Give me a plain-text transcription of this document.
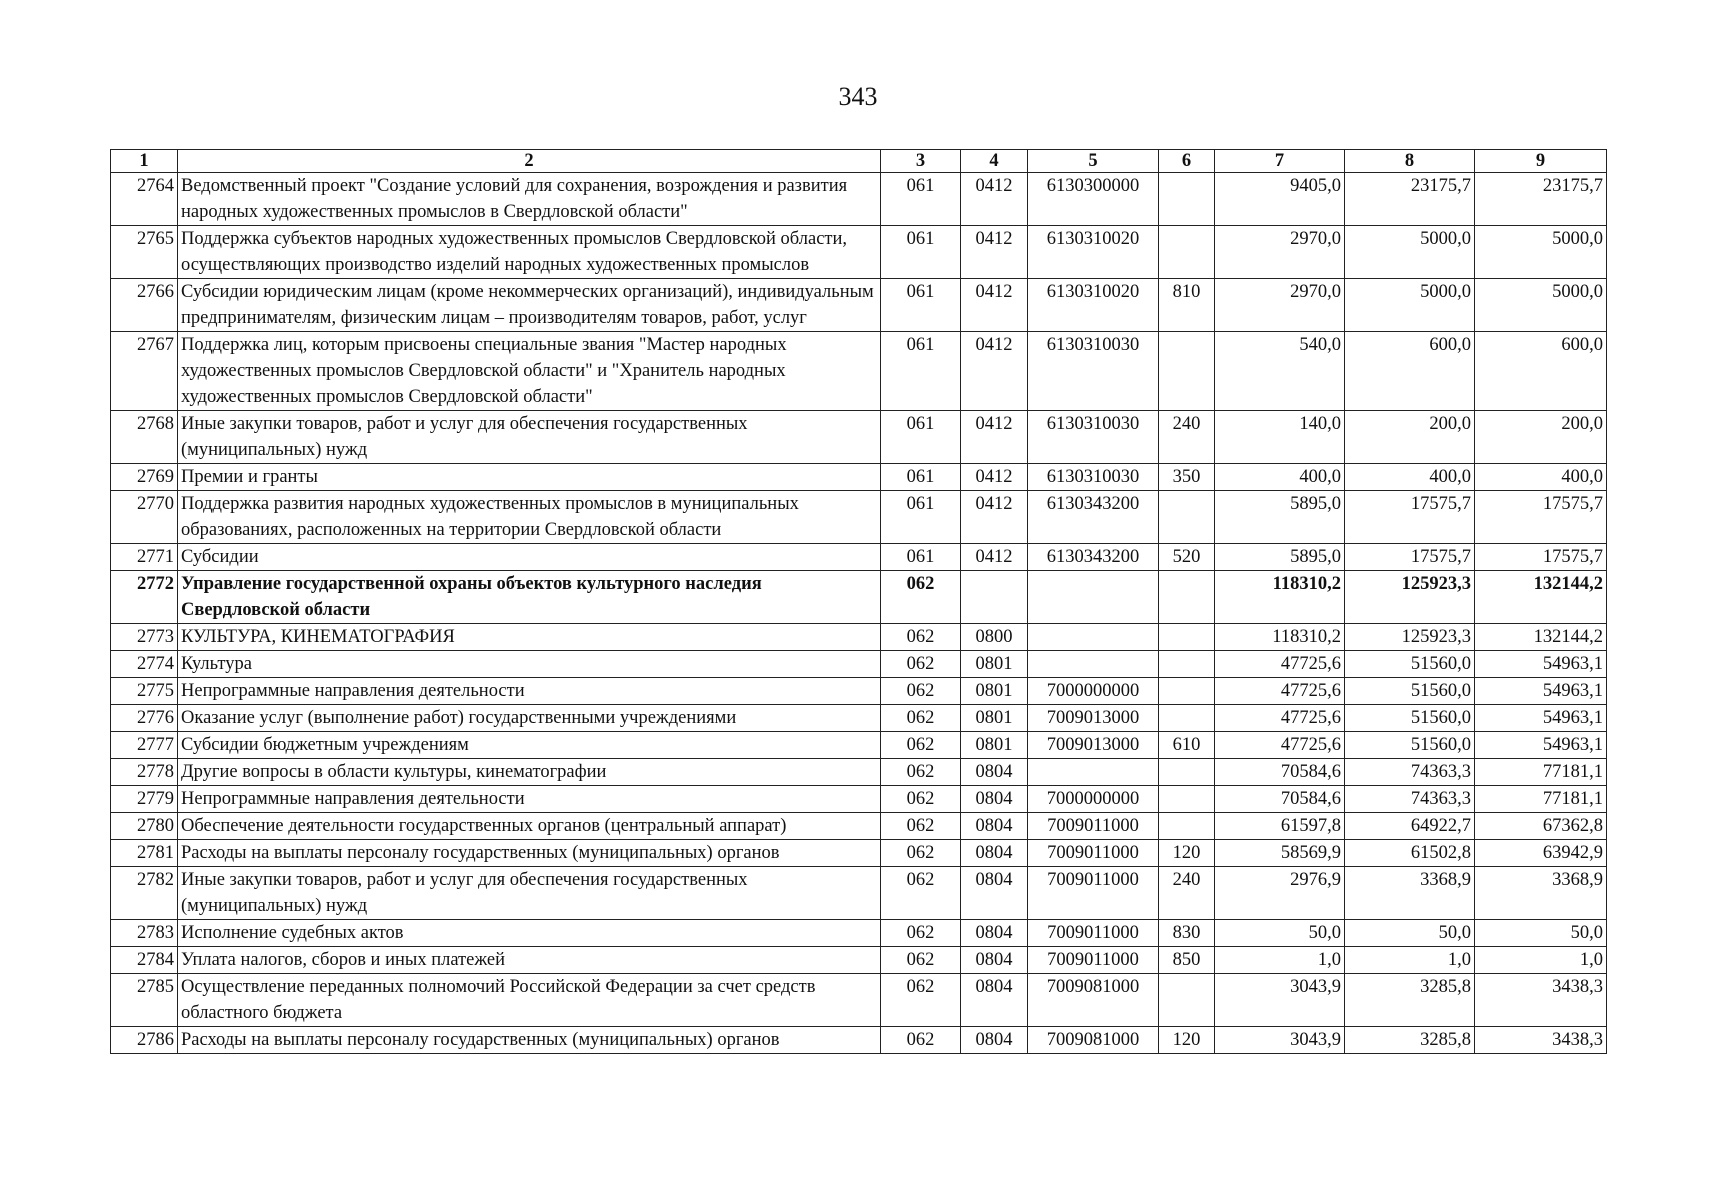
343
1	2	3	4	5	6	7	8	9
2764	Ведомственный проект "Создание условий для сохранения, возрождения и развития народных художественных промыслов в Свердловской области"	061	0412	6130300000		9405,0	23175,7	23175,7
2765	Поддержка субъектов народных художественных промыслов Свердловской области, осуществляющих производство изделий народных художественных промыслов	061	0412	6130310020		2970,0	5000,0	5000,0
2766	Субсидии юридическим лицам (кроме некоммерческих организаций), индивидуальным предпринимателям, физическим лицам – производителям товаров, работ, услуг	061	0412	6130310020	810	2970,0	5000,0	5000,0
2767	Поддержка лиц, которым присвоены специальные звания "Мастер народных художественных промыслов Свердловской области" и "Хранитель народных художественных промыслов Свердловской области"	061	0412	6130310030		540,0	600,0	600,0
2768	Иные закупки товаров, работ и услуг для обеспечения государственных (муниципальных) нужд	061	0412	6130310030	240	140,0	200,0	200,0
2769	Премии и гранты	061	0412	6130310030	350	400,0	400,0	400,0
2770	Поддержка развития народных художественных промыслов в муниципальных образованиях, расположенных на территории Свердловской области	061	0412	6130343200		5895,0	17575,7	17575,7
2771	Субсидии	061	0412	6130343200	520	5895,0	17575,7	17575,7
2772	Управление государственной охраны объектов культурного наследия Свердловской области	062				118310,2	125923,3	132144,2
2773	КУЛЬТУРА, КИНЕМАТОГРАФИЯ	062	0800			118310,2	125923,3	132144,2
2774	Культура	062	0801			47725,6	51560,0	54963,1
2775	Непрограммные направления деятельности	062	0801	7000000000		47725,6	51560,0	54963,1
2776	Оказание услуг (выполнение работ) государственными учреждениями	062	0801	7009013000		47725,6	51560,0	54963,1
2777	Субсидии бюджетным учреждениям	062	0801	7009013000	610	47725,6	51560,0	54963,1
2778	Другие вопросы в области культуры, кинематографии	062	0804			70584,6	74363,3	77181,1
2779	Непрограммные направления деятельности	062	0804	7000000000		70584,6	74363,3	77181,1
2780	Обеспечение деятельности государственных органов (центральный аппарат)	062	0804	7009011000		61597,8	64922,7	67362,8
2781	Расходы на выплаты персоналу государственных (муниципальных) органов	062	0804	7009011000	120	58569,9	61502,8	63942,9
2782	Иные закупки товаров, работ и услуг для обеспечения государственных (муниципальных) нужд	062	0804	7009011000	240	2976,9	3368,9	3368,9
2783	Исполнение судебных актов	062	0804	7009011000	830	50,0	50,0	50,0
2784	Уплата налогов, сборов и иных платежей	062	0804	7009011000	850	1,0	1,0	1,0
2785	Осуществление переданных полномочий Российской Федерации за счет средств областного бюджета	062	0804	7009081000		3043,9	3285,8	3438,3
2786	Расходы на выплаты персоналу государственных (муниципальных) органов	062	0804	7009081000	120	3043,9	3285,8	3438,3
